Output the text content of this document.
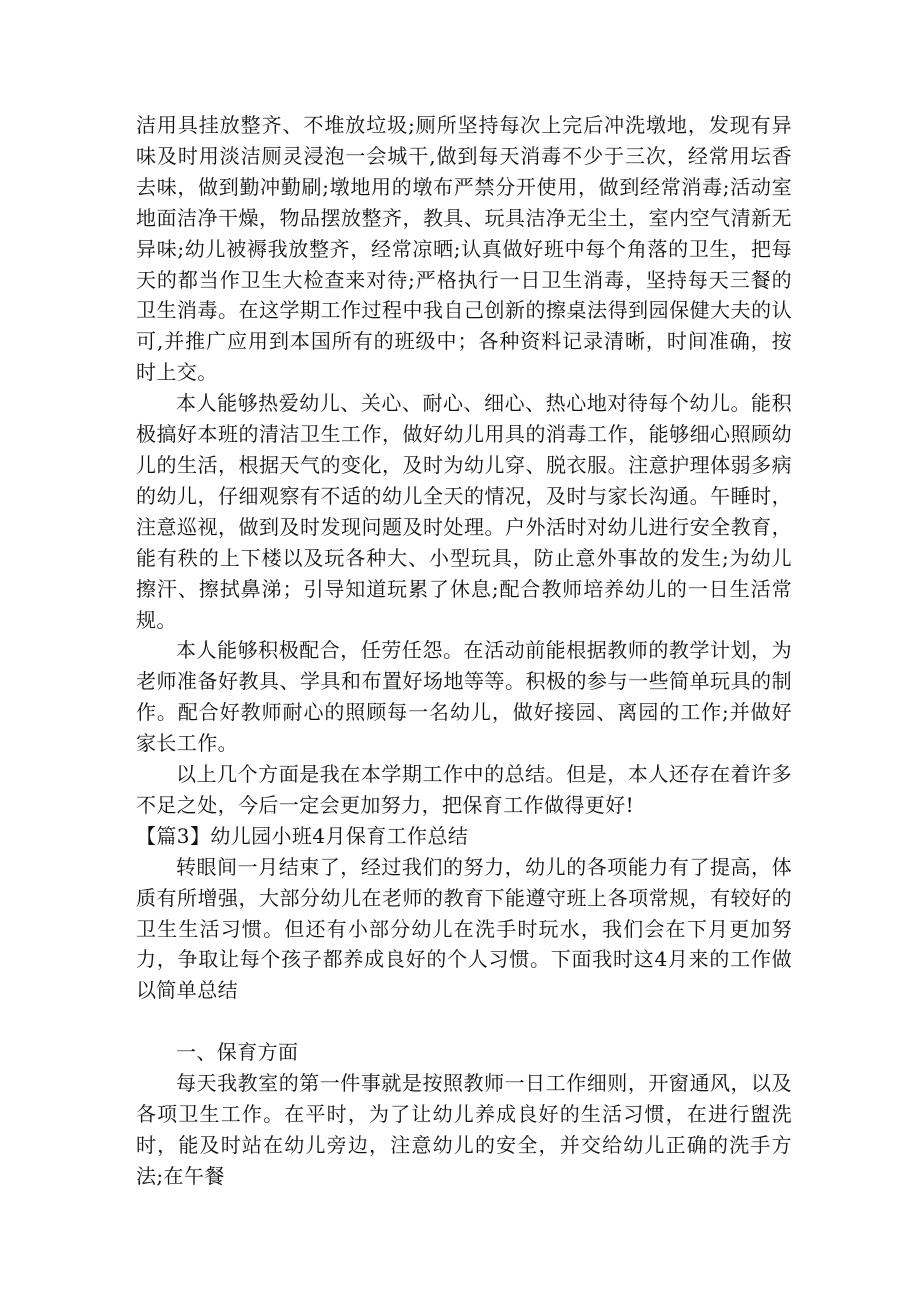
洁用具挂放整齐、不堆放垃圾;厕所坚持每次上完后冲洗墩地，发现有异味及时用淡洁厕灵浸泡一会城干,做到每天消毒不少于三次，经常用坛香去味，做到勤冲勤刷;墩地用的墩布严禁分开使用，做到经常消毒;活动室地面洁净干燥，物品摆放整齐，教具、玩具洁净无尘土，室内空气清新无异味;幼儿被褥我放整齐，经常凉晒;认真做好班中每个角落的卫生，把每天的都当作卫生大检查来对待;严格执行一日卫生消毒，坚持每天三餐的卫生消毒。在这学期工作过程中我自己创新的擦桌法得到园保健大夫的认可,并推广应用到本国所有的班级中；各种资料记录清晰，时间准确，按时上交。

本人能够热爱幼儿、关心、耐心、细心、热心地对待每个幼儿。能积极搞好本班的清洁卫生工作，做好幼儿用具的消毒工作，能够细心照顾幼儿的生活，根据天气的变化，及时为幼儿穿、脱衣服。注意护理体弱多病的幼儿，仔细观察有不适的幼儿全天的情况，及时与家长沟通。午睡时，注意巡视，做到及时发现问题及时处理。户外活时对幼儿进行安全教育，能有秩的上下楼以及玩各种大、小型玩具，防止意外事故的发生;为幼儿擦汗、擦拭鼻涕；引导知道玩累了休息;配合教师培养幼儿的一日生活常规。

本人能够积极配合，任劳任怨。在活动前能根据教师的教学计划，为老师准备好教具、学具和布置好场地等等。积极的参与一些简单玩具的制作。配合好教师耐心的照顾每一名幼儿，做好接园、离园的工作;并做好家长工作。

以上几个方面是我在本学期工作中的总结。但是，本人还存在着许多不足之处，今后一定会更加努力，把保育工作做得更好!

【篇3】幼儿园小班4月保育工作总结

转眼间一月结束了，经过我们的努力，幼儿的各项能力有了提高，体质有所增强，大部分幼儿在老师的教育下能遵守班上各项常规，有较好的卫生生活习惯。但还有小部分幼儿在洗手时玩水，我们会在下月更加努力，争取让每个孩子都养成良好的个人习惯。下面我时这4月来的工作做以简单总结

一、保育方面

每天我教室的第一件事就是按照教师一日工作细则，开窗通风，以及各项卫生工作。在平时，为了让幼儿养成良好的生活习惯，在进行盥洗时，能及时站在幼儿旁边，注意幼儿的安全，并交给幼儿正确的洗手方法;在午餐
